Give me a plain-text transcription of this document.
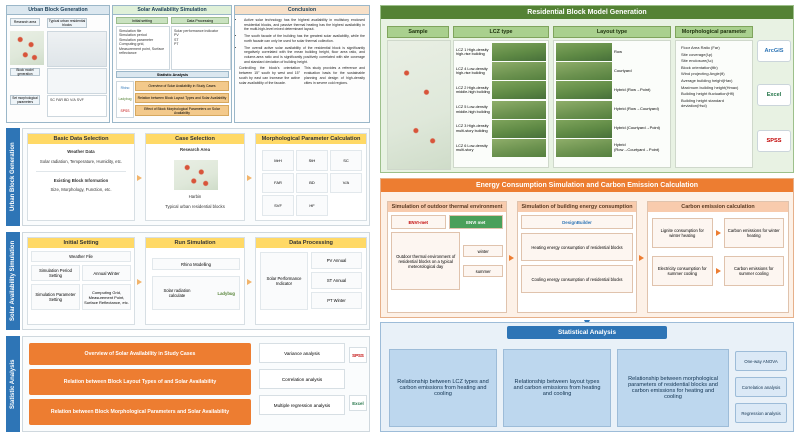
Urban Block Generation
Research area	Typical urban residential blocks
Block model generation
Set morphological parameters	SC FAR BD V/A SVF
Solar Availability Simulation
Initial setting	Data Processing
Simulation file
Simulation period
Simulation parameter
Computing grid, Measurement point, Surface reflectance
Solar performance indicator
PV
ST
PT
Statistic Analysis
Overview of Solar Availability in Study Cases
Relation between Block Layout Types and Solar Availability
Effect of Block Morphological Parameters on Solar Availability
Rhino
Ladybug
SPSS
Conclusion
• Active solar technology has the highest availability in multistory enclosed residential blocks, and passive thermal heating has the highest availability in the multi-high-level mixed determinant layout.
• The south facade of the building has the greatest solar availability, while the north facade can only be used for solar thermal collection.
• The overall active solar availability of the residential block is significantly negatively correlated with the mean building height, floor area ratio, and volume-area ratio and is significantly positively correlated with site coverage and standard deviation of building height.
Controlling the block's orientation between 15° south by west and 15° south by east can increase the active solar availability of the facade.
This study provides a reference and evaluation basis for the sustainable planning and design of high-density cities in severe cold regions.
Urban Block Generation
Basic Data Selection
Weather Data
Solar radiation, Temperature, Humidity, etc.
Existing Block Information
Size, Morphology, Function, etc.
Case Selection
Research Area
Harbin
Typical urban residential blocks
Morphological Parameter Calculation
MrH	StH	SC
FAR	BD	V/A
SVF	HF
Solar Availability Simulation	Initial Setting
Weather File
Simulation Period Setting	Annual Winter
Simulation Parameter Setting
Computing Grid, Measurement Point, Surface Reflectance, etc.
Run Simulation
Rhino Modelling
Solar radiation calculate	Ladybug
Data Processing
Solar Performance Indicator
PV Annual
ST Annual
PT Winter
Statistic Analysis
Overview of Solar Availability in Study Cases
Relation between Block Layout Types of and Solar Availability
Relation between Block Morphological Parameters and Solar Availability
Variance analysis
Correlation analysis
Multiple regression analysis
SPSS
Excel
Residential Block Model Generation
Sample	LCZ type	Layout type	Morphological parameter
LCZ 1 High-density high-rise building
LCZ 4 Low-density high-rise building
LCZ 2 High-density middle-high building
LCZ 5 Low-density middle-high building
LCZ 3 High-density multi-story building
LCZ 6 Low-density multi-story
Row
Courtyard
Hybrid (Row→Point)
Hybrid (Row→Courtyard)
Hybrid (Courtyard→Point)
Hybrid (Row→Courtyard→Point)
Floor Area Ratio (Far)
Site coverage(λp)
Site enclosure(λc)
Block orientation(θb)
Wind projecting Angle(θ)
Average building height(Hav)
Maximum building height(Hmax)
Building height fluctuation(Hfl)
Building height standard deviation(Hsd)
ArcGIS
Excel
SPSS
Energy Consumption Simulation and Carbon Emission Calculation
Simulation of outdoor thermal environment
ENVI-met	ENVI met
Outdoor thermal environment of residential blocks on a typical meteorological day
winter
summer
Simulation of building energy consumption
DesignBuilder
Heating energy consumption of residential blocks
Cooling energy consumption of residential blocks
Carbon emission calculation
Lignite consumption for winter heating
Carbon emissions for winter heating
Electricity consumption for summer cooling
Carbon emissions for summer cooling
Statistical Analysis
Relationship between LCZ types and carbon emissions from heating and cooling
Relationship between layout types and carbon emissions from heating and cooling
Relationship between morphological parameters of residential blocks and carbon emissions for heating and cooling
One-way ANOVA
Correlation analysis
Regression analysis
